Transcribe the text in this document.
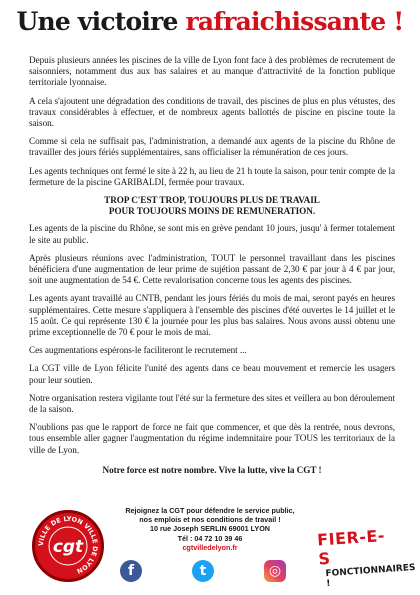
Une victoire rafraichissante !

Depuis plusieurs années les piscines de la ville de Lyon font face à des problèmes de recrutement de saisonniers, notamment dus aux bas salaires et au manque d'attractivité de la fonction publique territoriale lyonnaise.

A cela s'ajoutent une dégradation des conditions de travail, des piscines de plus en plus vétustes, des travaux considérables à effectuer, et de nombreux agents ballottés de piscine en piscine toute la saison.

Comme si cela ne suffisait pas, l'administration, a demandé aux agents de la piscine du Rhône de travailler des jours fériés supplémentaires, sans officialiser la rémunération de ces jours.

Les agents techniques ont fermé le site à 22 h, au lieu de 21 h toute la saison, pour tenir compte de la fermeture de la piscine GARIBALDI, fermée pour travaux.

TROP C'EST TROP, TOUJOURS PLUS DE TRAVAIL
POUR TOUJOURS MOINS DE REMUNERATION.

Les agents de la piscine du Rhône, se sont mis en grève pendant 10 jours, jusqu' à fermer totalement le site au public.

Après plusieurs réunions avec l'administration, TOUT le personnel travaillant dans les piscines bénéficiera d'une augmentation de leur prime de sujétion passant de 2,30 € par jour à 4 € par jour, soit une augmentation de 54 €. Cette revalorisation concerne tous les agents des piscines.

Les agents ayant travaillé au CNTB, pendant les jours fériés du mois de mai, seront payés en heures supplémentaires. Cette mesure s'appliquera à l'ensemble des piscines d'été ouvertes le 14 juillet et le 15 août. Ce qui représente 130 € la journée pour les plus bas salaires. Nous avons aussi obtenu une prime exceptionnelle de 70 € pour le mois de mai.

Ces augmentations espérons-le faciliteront le recrutement ...

La CGT ville de Lyon félicite l'unité des agents dans ce beau mouvement et remercie les usagers pour leur soutien.

Notre organisation restera vigilante tout l'été sur la fermeture des sites et veillera au bon déroulement de la saison.

N'oublions pas que le rapport de force ne fait que commencer, et que dès la rentrée, nous devrons, tous ensemble aller gagner l'augmentation du régime indemnitaire pour TOUS les territoriaux de la ville de Lyon.

Notre force est notre nombre. Vive la lutte, vive la CGT !

VILLE DE LYON VILLE DE LYON
cgt
Rejoignez la CGT pour défendre le service public,
nos emplois et nos conditions de travail !
10 rue Joseph SERLIN 69001 LYON
Tél : 04 72 10 39 46
cgtvilledelyon.fr
f	t	◎
FIER-E-S
FONCTIONNAIRES !
